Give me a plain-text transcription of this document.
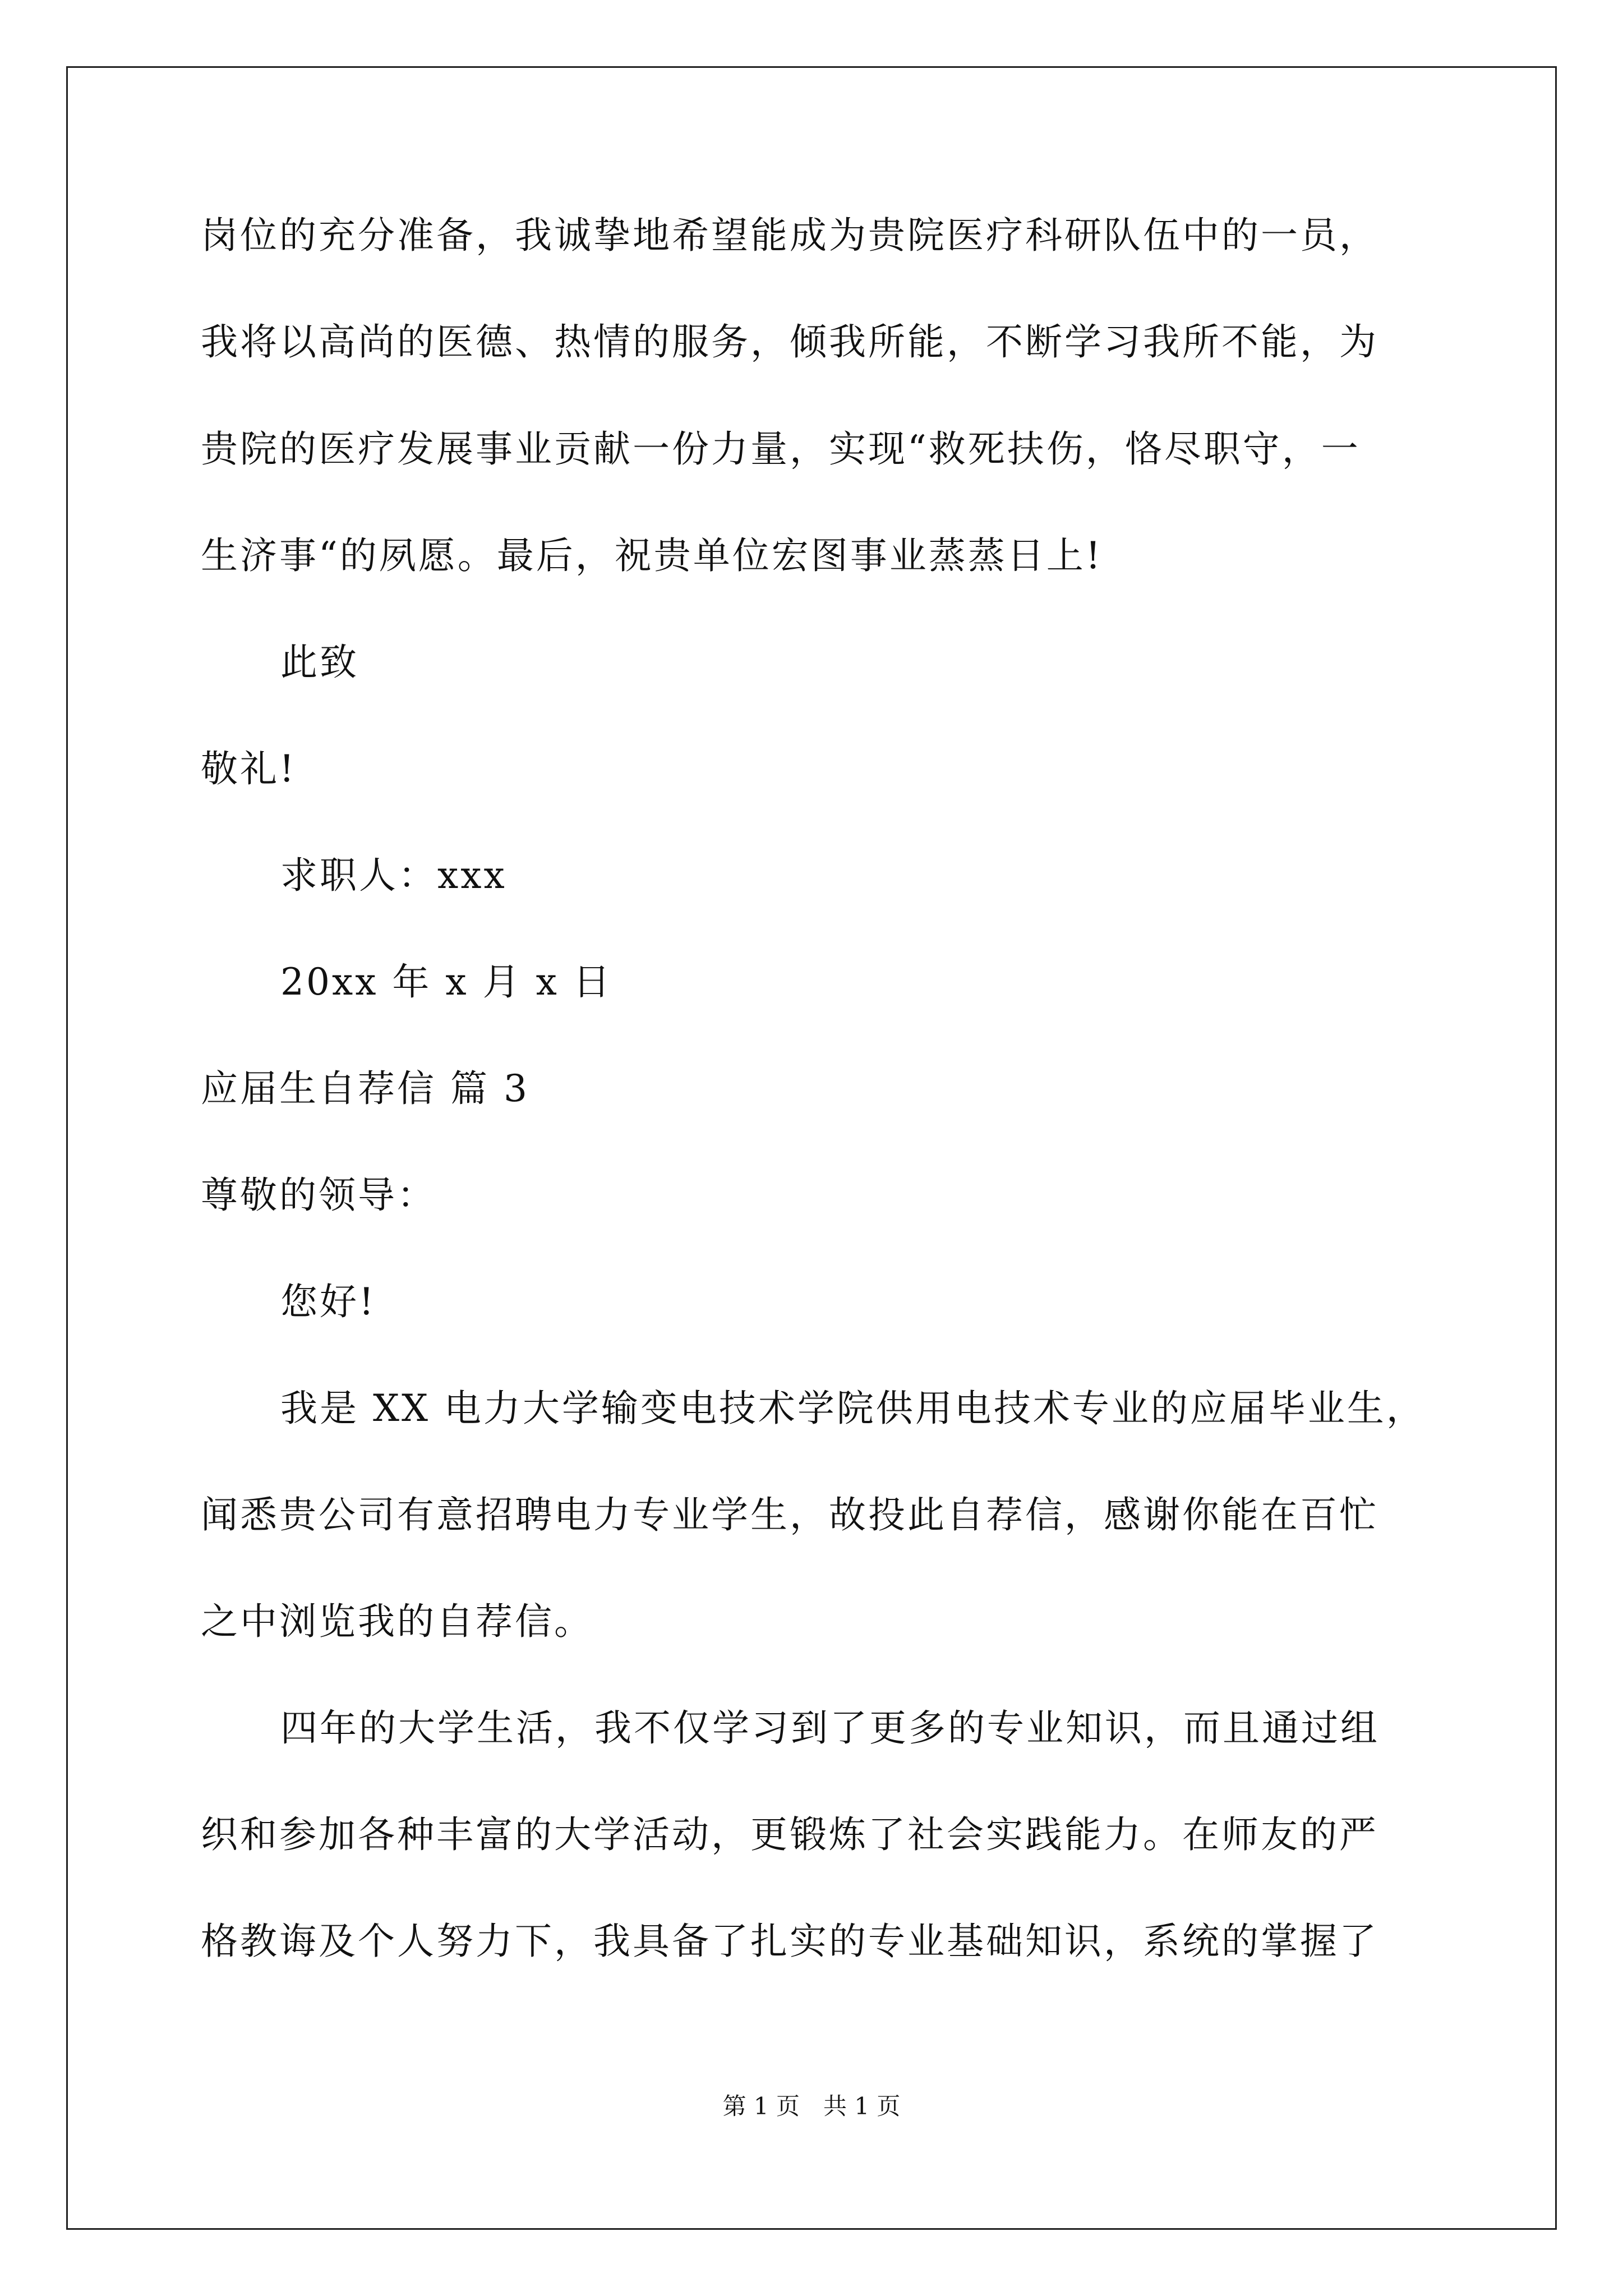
岗位的充分准备，我诚挚地希望能成为贵院医疗科研队伍中的一员，
我将以高尚的医德、热情的服务，倾我所能，不断学习我所不能，为
贵院的医疗发展事业贡献一份力量，实现“救死扶伤，恪尽职守，一
生济事“的夙愿。最后，祝贵单位宏图事业蒸蒸日上!
此致
敬礼!
求职人：xxx
20xx 年 x 月 x 日
应届生自荐信 篇 3
尊敬的领导：
您好!
我是 XX 电力大学输变电技术学院供用电技术专业的应届毕业生，
闻悉贵公司有意招聘电力专业学生，故投此自荐信，感谢你能在百忙
之中浏览我的自荐信。
四年的大学生活，我不仅学习到了更多的专业知识，而且通过组
织和参加各种丰富的大学活动，更锻炼了社会实践能力。在师友的严
格教诲及个人努力下，我具备了扎实的专业基础知识，系统的掌握了
第 1 页　共 1 页
